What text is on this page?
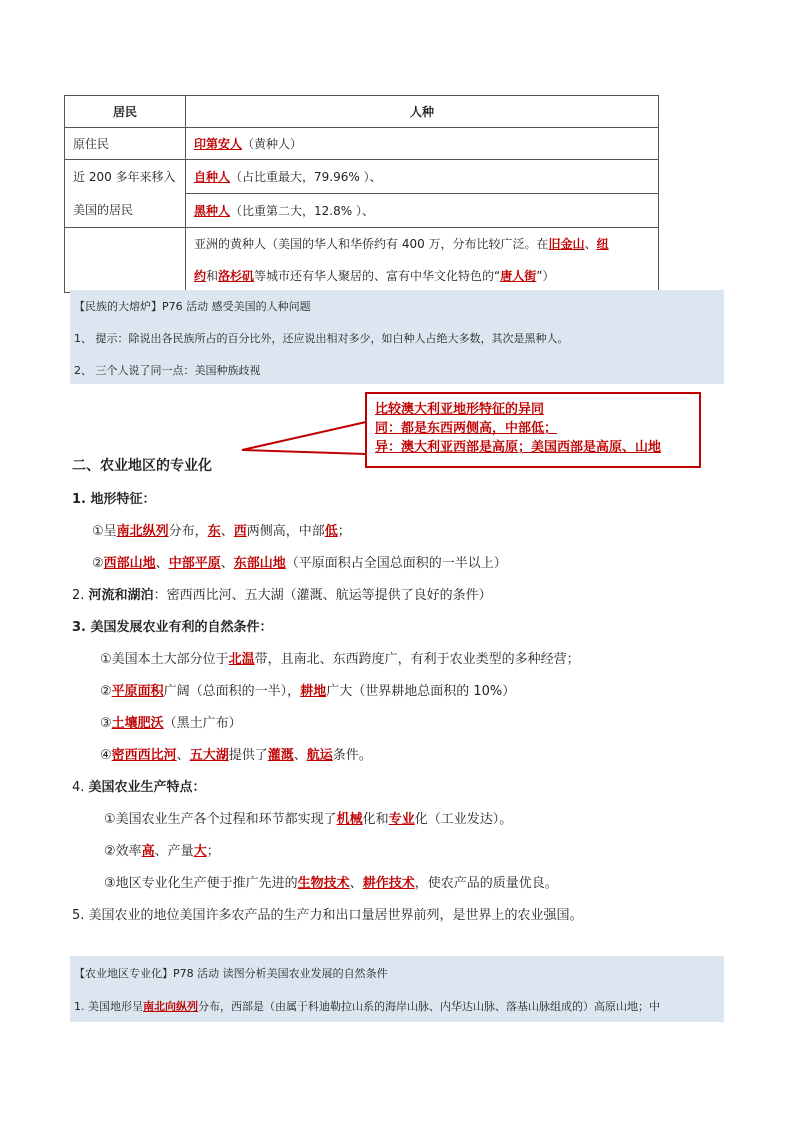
居民	人种
原住民	印第安人（黄种人）

近 200 多年来移入
美国的居民	自种人（占比重最大，79.96% ）、
	黑种人（比重第二大，12.8% ）、
	亚洲的黄种人（美国的华人和华侨约有 400 万，分布比较广泛。在旧金山、纽
约和洛杉矶等城市还有华人聚居的、富有中华文化特色的“唐人街”）
【民族的大熔炉】P76 活动 感受美国的人种问题
1、 提示：除说出各民族所占的百分比外，还应说出相对多少，如白种人占绝大多数，其次是黑种人。
2、 三个人说了同一点：美国种族歧视
比较澳大利亚地形特征的异同
同：都是东西两侧高，中部低；
异：澳大利亚西部是高原；美国西部是高原、山地
二、农业地区的专业化
1. 地形特征：
①呈南北纵列分布，东、西两侧高，中部低；
②西部山地、中部平原、东部山地（平原面积占全国总面积的一半以上）
2. 河流和湖泊：密西西比河、五大湖（灌溉、航运等提供了良好的条件）
3. 美国发展农业有利的自然条件：
①美国本土大部分位于北温带，且南北、东西跨度广，有利于农业类型的多种经营；
②平原面积广阔（总面积的一半），耕地广大（世界耕地总面积的 10%）
③土壤肥沃（黑土广布）
④密西西比河、五大湖提供了灌溉、航运条件。
4. 美国农业生产特点：
①美国农业生产各个过程和环节都实现了机械化和专业化（工业发达）。
②效率高、产量大；
③地区专业化生产便于推广先进的生物技术、耕作技术，使农产品的质量优良。
5. 美国农业的地位美国许多农产品的生产力和出口量居世界前列，是世界上的农业强国。
【农业地区专业化】P78 活动 读图分析美国农业发展的自然条件
1. 美国地形呈南北向纵列分布，西部是（由属于科迪勒拉山系的海岸山脉、内华达山脉、落基山脉组成的）高原山地；中
